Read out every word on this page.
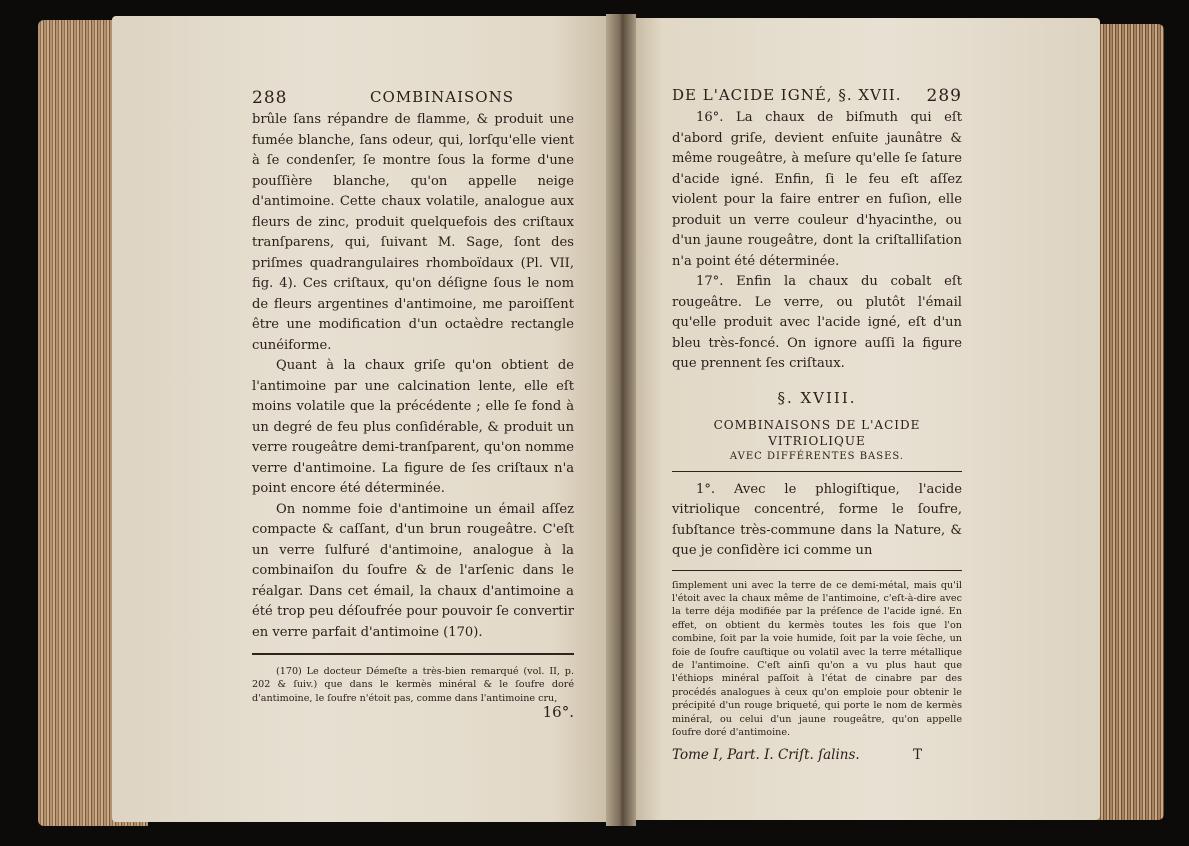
288	COMBINAISONS

brûle ſans répandre de flamme, & produit une fumée blanche, ſans odeur, qui, lorſqu'elle vient à ſe condenſer, ſe montre ſous la forme d'une pouſſière blanche, qu'on appelle neige d'antimoine. Cette chaux volatile, analogue aux fleurs de zinc, produit quelquefois des criſtaux tranſparens, qui, ſuivant M. Sage, ſont des priſmes quadrangulaires rhomboïdaux (Pl. VII, fig. 4). Ces criſtaux, qu'on déſigne ſous le nom de fleurs argentines d'antimoine, me paroiſſent être une modification d'un octaèdre rectangle cunéiforme.

Quant à la chaux griſe qu'on obtient de l'antimoine par une calcination lente, elle eſt moins volatile que la précédente ; elle ſe fond à un degré de feu plus conſidérable, & produit un verre rougeâtre demi-tranſparent, qu'on nomme verre d'antimoine. La figure de ſes criſtaux n'a point encore été déterminée.

On nomme foie d'antimoine un émail aſſez compacte & caſſant, d'un brun rougeâtre. C'eſt un verre ſulfuré d'antimoine, analogue à la combinaiſon du ſoufre & de l'arſenic dans le réalgar. Dans cet émail, la chaux d'antimoine a été trop peu déſoufrée pour pouvoir ſe convertir en verre parfait d'antimoine (170).

(170) Le docteur Démeſte a très-bien remarqué (vol. II, p. 202 & ſuiv.) que dans le kermès minéral & le ſoufre doré d'antimoine, le ſoufre n'étoit pas, comme dans l'antimoine cru,

16°.
DE L'ACIDE IGNÉ, §. XVII. 289

16°. La chaux de biſmuth qui eſt d'abord griſe, devient enſuite jaunâtre & même rougeâtre, à meſure qu'elle ſe ſature d'acide igné. Enfin, ſi le feu eſt aſſez violent pour la faire entrer en fuſion, elle produit un verre couleur d'hyacinthe, ou d'un jaune rougeâtre, dont la criſtalliſation n'a point été déterminée.

17°. Enfin la chaux du cobalt eſt rougeâtre. Le verre, ou plutôt l'émail qu'elle produit avec l'acide igné, eſt d'un bleu très-foncé. On ignore auſſi la figure que prennent ſes criſtaux.

§. XVIII.
COMBINAISONS DE L'ACIDE VITRIOLIQUE
AVEC DIFFÉRENTES BASES.

1°. Avec le phlogiſtique, l'acide vitriolique concentré, forme le ſoufre, ſubſtance très-commune dans la Nature, & que je conſidère ici comme un

ſimplement uni avec la terre de ce demi-métal, mais qu'il l'étoit avec la chaux même de l'antimoine, c'eſt-à-dire avec la terre déja modifiée par la préſence de l'acide igné. En effet, on obtient du kermès toutes les fois que l'on combine, ſoit par la voie humide, ſoit par la voie ſèche, un foie de ſoufre cauſtique ou volatil avec la terre métallique de l'antimoine. C'eſt ainſi qu'on a vu plus haut que l'éthiops minéral paſſoit à l'état de cinabre par des procédés analogues à ceux qu'on emploie pour obtenir le précipité d'un rouge briqueté, qui porte le nom de kermès minéral, ou celui d'un jaune rougeâtre, qu'on appelle ſoufre doré d'antimoine.

Tome I, Part. I. Criſt. ſalins.	T
